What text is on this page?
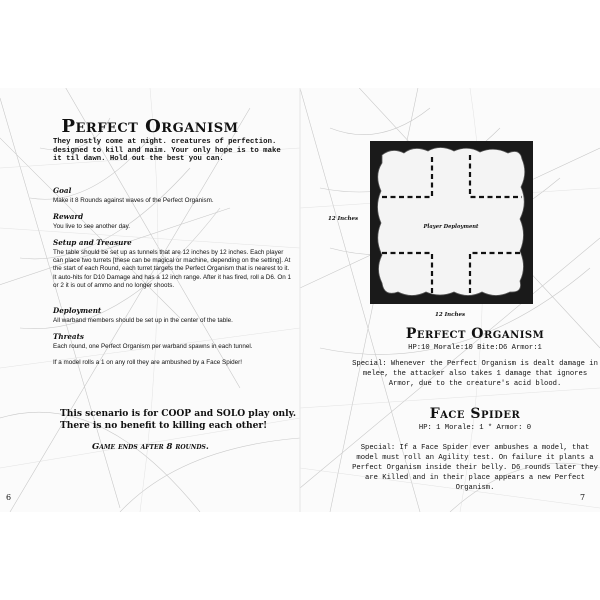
Perfect Organism

They mostly come at night. creatures of perfection. designed to kill and maim. Your only hope is to make it til dawn. Hold out the best you can.

Goal

Make it 8 Rounds against waves of the Perfect Organism.

Reward

You live to see another day.

Setup and Treasure

The table should be set up as tunnels that are 12 inches by 12 inches. Each player can place two turrets [these can be magical or machine, depending on the setting]. At the start of each Round, each turret targets the Perfect Organism that is nearest to it. It auto-hits for D10 Damage and has a 12 inch range. After it has fired, roll a D6. On 1 or 2 it is out of ammo and no longer shoots.

Deployment

All warband members should be set up in the center of the table.

Threats

Each round, one Perfect Organism per warband spawns in each tunnel.

If a model rolls a 1 on any roll they are ambushed by a Face Spider!

This scenario is for COOP and SOLO play only. There is no benefit to killing each other!

Game ends after 8 rounds.

6

Player Deployment
12 Inches
12 Inches
Perfect Organism

HP:10 Morale:10 Bite:D6 Armor:1

Special: Whenever the Perfect Organism is dealt damage in melee, the attacker also takes 1 damage that ignores Armor, due to the creature's acid blood.

Face Spider

HP: 1 Morale: 1 * Armor: 0

Special: If a Face Spider ever ambushes a model, that model must roll an Agility test. On failure it plants a Perfect Organism inside their belly. D6 rounds later they are Killed and in their place appears a new Perfect Organism.

7
